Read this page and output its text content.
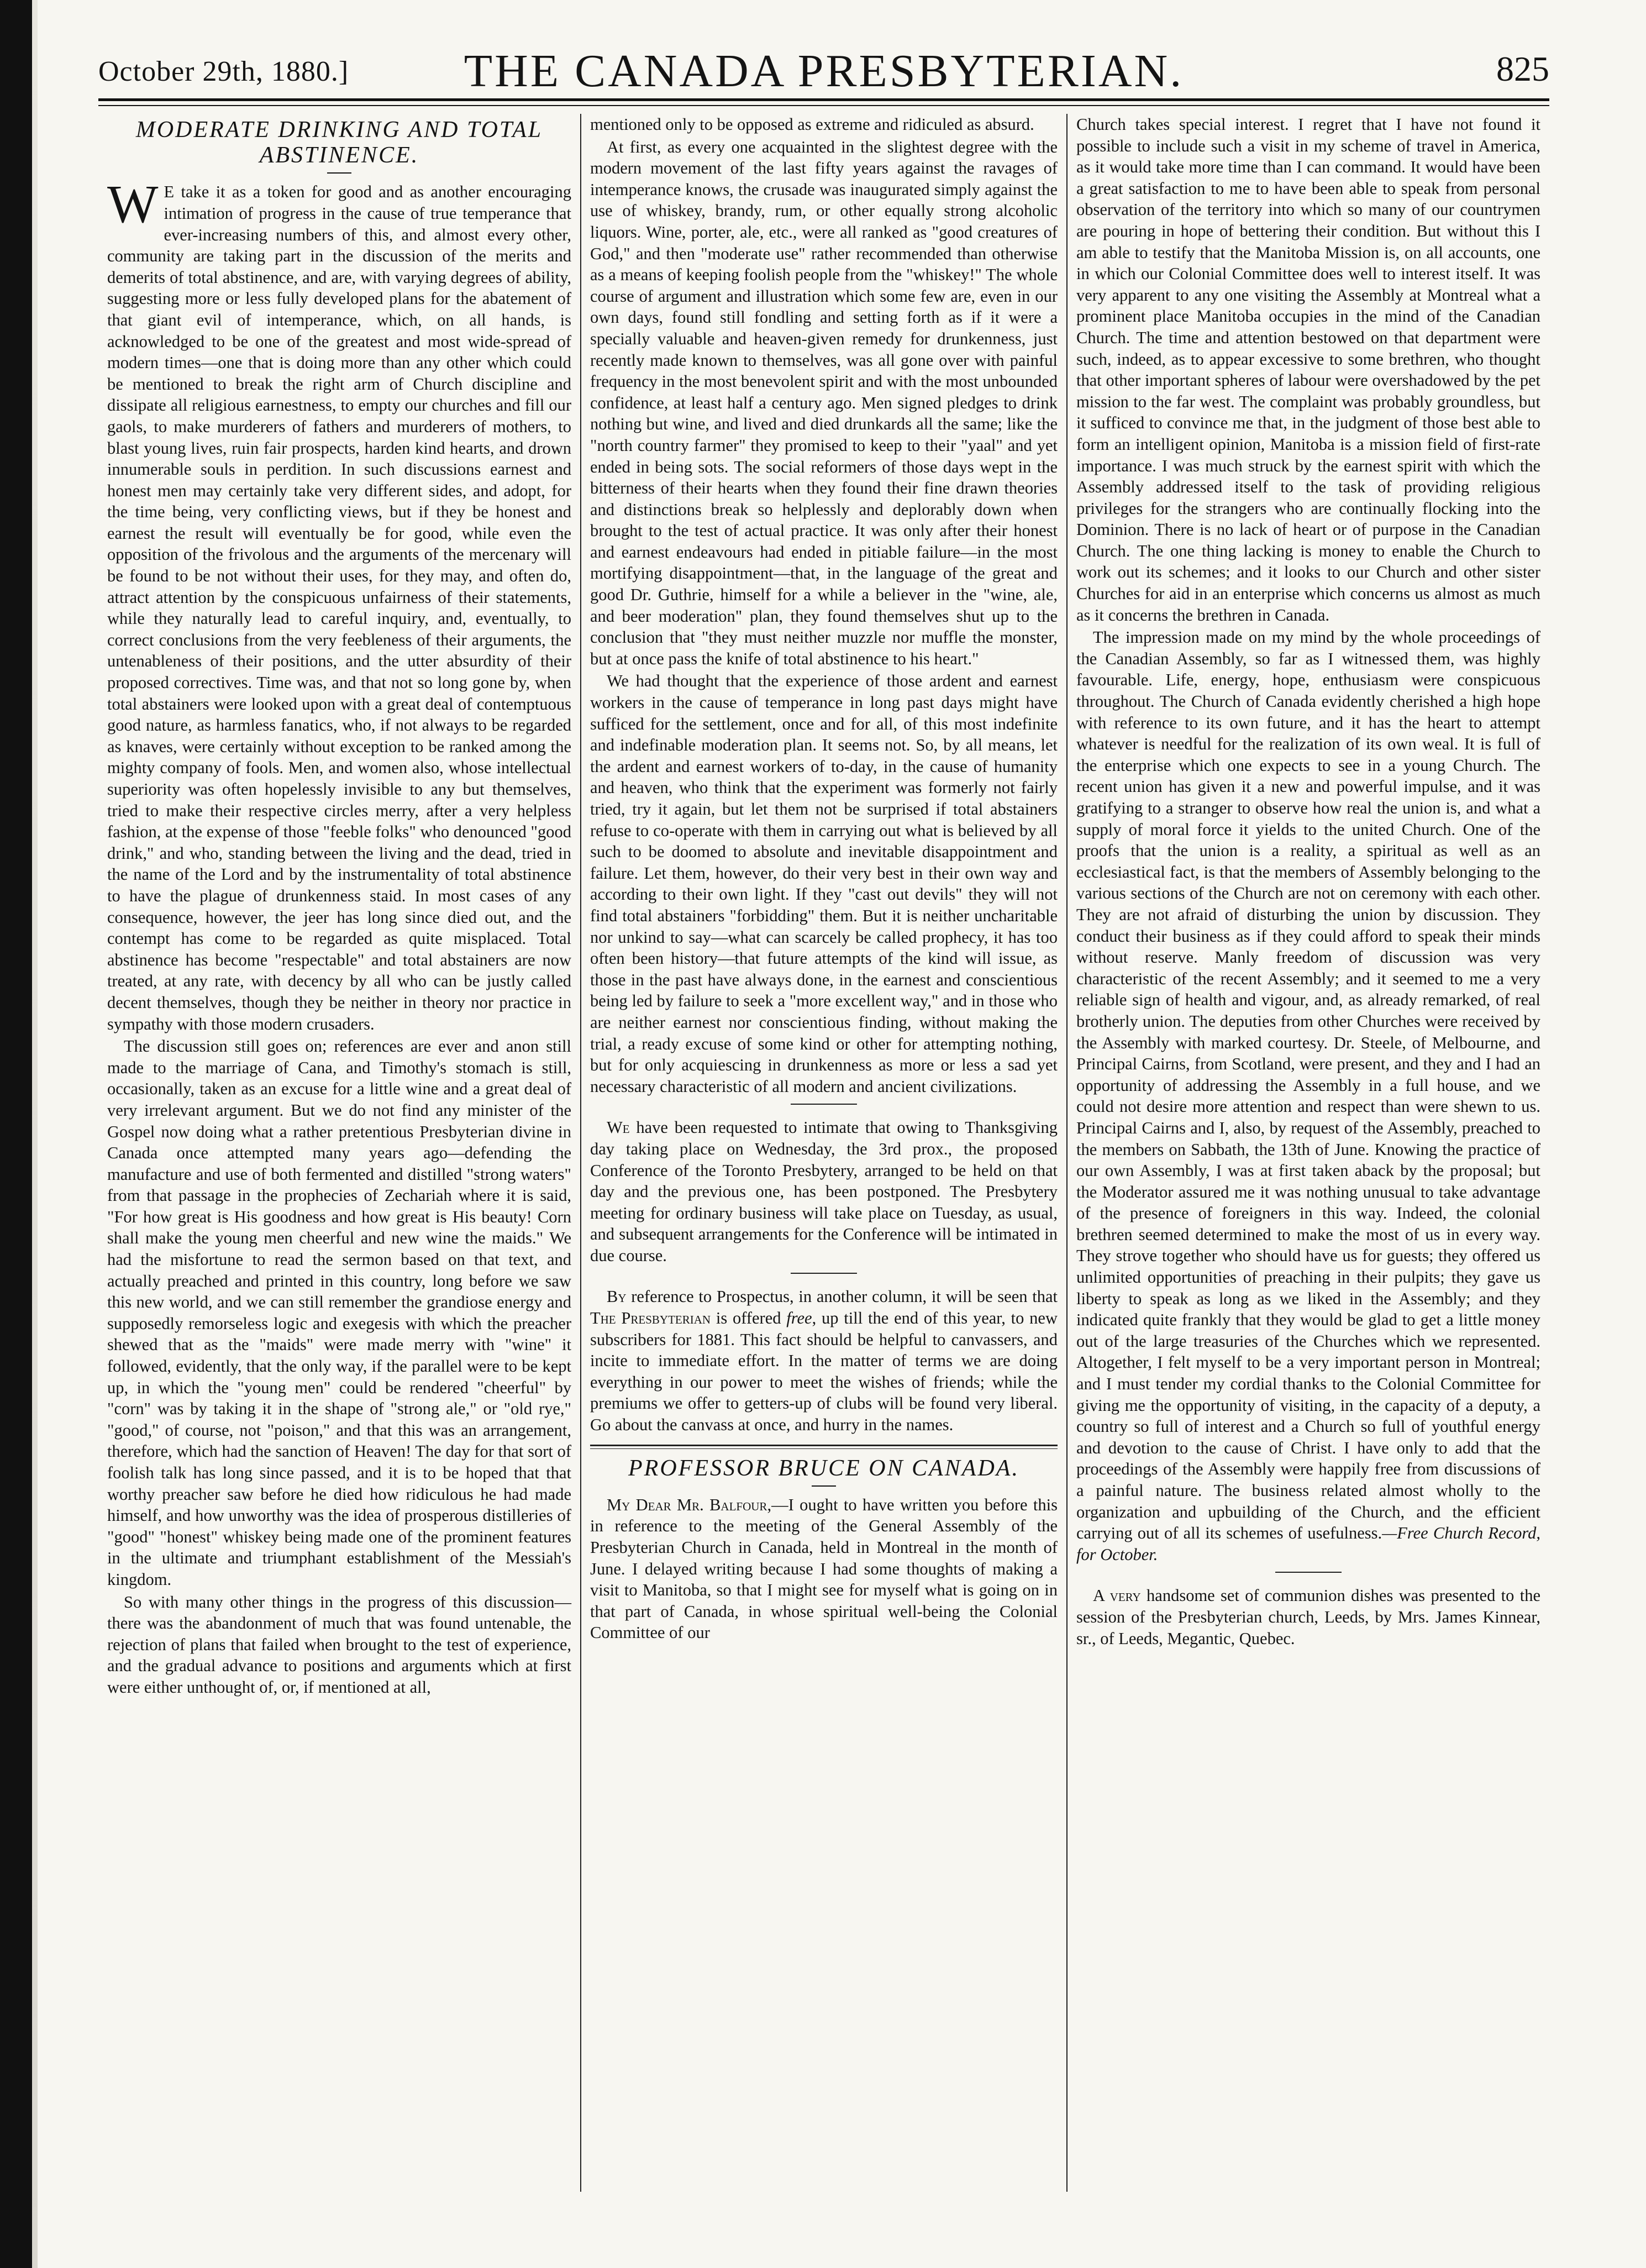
October 29th, 1880.]	THE CANADA PRESBYTERIAN.	825
MODERATE DRINKING AND TOTAL ABSTINENCE.

W E take it as a token for good and as another encouraging intimation of progress in the cause of true temperance that ever-increasing numbers of this, and almost every other, community are taking part in the discussion of the merits and demerits of total abstinence, and are, with varying degrees of ability, suggesting more or less fully developed plans for the abatement of that giant evil of intemperance, which, on all hands, is acknowledged to be one of the greatest and most wide-spread of modern times—one that is doing more than any other which could be mentioned to break the right arm of Church discipline and dissipate all religious earnestness, to empty our churches and fill our gaols, to make murderers of fathers and murderers of mothers, to blast young lives, ruin fair prospects, harden kind hearts, and drown innumerable souls in perdition. In such discussions earnest and honest men may certainly take very different sides, and adopt, for the time being, very conflicting views, but if they be honest and earnest the result will eventually be for good, while even the opposition of the frivolous and the arguments of the mercenary will be found to be not without their uses, for they may, and often do, attract attention by the conspicuous unfairness of their statements, while they naturally lead to careful inquiry, and, eventually, to correct conclusions from the very feebleness of their arguments, the untenableness of their positions, and the utter absurdity of their proposed correctives. Time was, and that not so long gone by, when total abstainers were looked upon with a great deal of contemptuous good nature, as harmless fanatics, who, if not always to be regarded as knaves, were certainly without exception to be ranked among the mighty company of fools. Men, and women also, whose intellectual superiority was often hopelessly invisible to any but themselves, tried to make their respective circles merry, after a very helpless fashion, at the expense of those "feeble folks" who denounced "good drink," and who, standing between the living and the dead, tried in the name of the Lord and by the instrumentality of total abstinence to have the plague of drunkenness staid. In most cases of any consequence, however, the jeer has long since died out, and the contempt has come to be regarded as quite misplaced. Total abstinence has become "respectable" and total abstainers are now treated, at any rate, with decency by all who can be justly called decent themselves, though they be neither in theory nor practice in sympathy with those modern crusaders.

The discussion still goes on; references are ever and anon still made to the marriage of Cana, and Timothy's stomach is still, occasionally, taken as an excuse for a little wine and a great deal of very irrelevant argument. But we do not find any minister of the Gospel now doing what a rather pretentious Presbyterian divine in Canada once attempted many years ago—defending the manufacture and use of both fermented and distilled "strong waters" from that passage in the prophecies of Zechariah where it is said, "For how great is His goodness and how great is His beauty! Corn shall make the young men cheerful and new wine the maids." We had the misfortune to read the sermon based on that text, and actually preached and printed in this country, long before we saw this new world, and we can still remember the grandiose energy and supposedly remorseless logic and exegesis with which the preacher shewed that as the "maids" were made merry with "wine" it followed, evidently, that the only way, if the parallel were to be kept up, in which the "young men" could be rendered "cheerful" by "corn" was by taking it in the shape of "strong ale," or "old rye," "good," of course, not "poison," and that this was an arrangement, therefore, which had the sanction of Heaven! The day for that sort of foolish talk has long since passed, and it is to be hoped that that worthy preacher saw before he died how ridiculous he had made himself, and how unworthy was the idea of prosperous distilleries of "good" "honest" whiskey being made one of the prominent features in the ultimate and triumphant establishment of the Messiah's kingdom.

So with many other things in the progress of this discussion—there was the abandonment of much that was found untenable, the rejection of plans that failed when brought to the test of experience, and the gradual advance to positions and arguments which at first were either unthought of, or, if mentioned at all,

mentioned only to be opposed as extreme and ridiculed as absurd.

At first, as every one acquainted in the slightest degree with the modern movement of the last fifty years against the ravages of intemperance knows, the crusade was inaugurated simply against the use of whiskey, brandy, rum, or other equally strong alcoholic liquors. Wine, porter, ale, etc., were all ranked as "good creatures of God," and then "moderate use" rather recommended than otherwise as a means of keeping foolish people from the "whiskey!" The whole course of argument and illustration which some few are, even in our own days, found still fondling and setting forth as if it were a specially valuable and heaven-given remedy for drunkenness, just recently made known to themselves, was all gone over with painful frequency in the most benevolent spirit and with the most unbounded confidence, at least half a century ago. Men signed pledges to drink nothing but wine, and lived and died drunkards all the same; like the "north country farmer" they promised to keep to their "yaal" and yet ended in being sots. The social reformers of those days wept in the bitterness of their hearts when they found their fine drawn theories and distinctions break so helplessly and deplorably down when brought to the test of actual practice. It was only after their honest and earnest endeavours had ended in pitiable failure—in the most mortifying disappointment—that, in the language of the great and good Dr. Guthrie, himself for a while a believer in the "wine, ale, and beer moderation" plan, they found themselves shut up to the conclusion that "they must neither muzzle nor muffle the monster, but at once pass the knife of total abstinence to his heart."

We had thought that the experience of those ardent and earnest workers in the cause of temperance in long past days might have sufficed for the settlement, once and for all, of this most indefinite and indefinable moderation plan. It seems not. So, by all means, let the ardent and earnest workers of to-day, in the cause of humanity and heaven, who think that the experiment was formerly not fairly tried, try it again, but let them not be surprised if total abstainers refuse to co-operate with them in carrying out what is believed by all such to be doomed to absolute and inevitable disappointment and failure. Let them, however, do their very best in their own way and according to their own light. If they "cast out devils" they will not find total abstainers "forbidding" them. But it is neither uncharitable nor unkind to say—what can scarcely be called prophecy, it has too often been history—that future attempts of the kind will issue, as those in the past have always done, in the earnest and conscientious being led by failure to seek a "more excellent way," and in those who are neither earnest nor conscientious finding, without making the trial, a ready excuse of some kind or other for attempting nothing, but for only acquiescing in drunkenness as more or less a sad yet necessary characteristic of all modern and ancient civilizations.

We have been requested to intimate that owing to Thanksgiving day taking place on Wednesday, the 3rd prox., the proposed Conference of the Toronto Presbytery, arranged to be held on that day and the previous one, has been postponed. The Presbytery meeting for ordinary business will take place on Tuesday, as usual, and subsequent arrangements for the Conference will be intimated in due course.

By reference to Prospectus, in another column, it will be seen that The Presbyterian is offered free, up till the end of this year, to new subscribers for 1881. This fact should be helpful to canvassers, and incite to immediate effort. In the matter of terms we are doing everything in our power to meet the wishes of friends; while the premiums we offer to getters-up of clubs will be found very liberal. Go about the canvass at once, and hurry in the names.

PROFESSOR BRUCE ON CANADA.

My Dear Mr. Balfour,—I ought to have written you before this in reference to the meeting of the General Assembly of the Presbyterian Church in Canada, held in Montreal in the month of June. I delayed writing because I had some thoughts of making a visit to Manitoba, so that I might see for myself what is going on in that part of Canada, in whose spiritual well-being the Colonial Committee of our

Church takes special interest. I regret that I have not found it possible to include such a visit in my scheme of travel in America, as it would take more time than I can command. It would have been a great satisfaction to me to have been able to speak from personal observation of the territory into which so many of our countrymen are pouring in hope of bettering their condition. But without this I am able to testify that the Manitoba Mission is, on all accounts, one in which our Colonial Committee does well to interest itself. It was very apparent to any one visiting the Assembly at Montreal what a prominent place Manitoba occupies in the mind of the Canadian Church. The time and attention bestowed on that department were such, indeed, as to appear excessive to some brethren, who thought that other important spheres of labour were overshadowed by the pet mission to the far west. The complaint was probably groundless, but it sufficed to convince me that, in the judgment of those best able to form an intelligent opinion, Manitoba is a mission field of first-rate importance. I was much struck by the earnest spirit with which the Assembly addressed itself to the task of providing religious privileges for the strangers who are continually flocking into the Dominion. There is no lack of heart or of purpose in the Canadian Church. The one thing lacking is money to enable the Church to work out its schemes; and it looks to our Church and other sister Churches for aid in an enterprise which concerns us almost as much as it concerns the brethren in Canada.

The impression made on my mind by the whole proceedings of the Canadian Assembly, so far as I witnessed them, was highly favourable. Life, energy, hope, enthusiasm were conspicuous throughout. The Church of Canada evidently cherished a high hope with reference to its own future, and it has the heart to attempt whatever is needful for the realization of its own weal. It is full of the enterprise which one expects to see in a young Church. The recent union has given it a new and powerful impulse, and it was gratifying to a stranger to observe how real the union is, and what a supply of moral force it yields to the united Church. One of the proofs that the union is a reality, a spiritual as well as an ecclesiastical fact, is that the members of Assembly belonging to the various sections of the Church are not on ceremony with each other. They are not afraid of disturbing the union by discussion. They conduct their business as if they could afford to speak their minds without reserve. Manly freedom of discussion was very characteristic of the recent Assembly; and it seemed to me a very reliable sign of health and vigour, and, as already remarked, of real brotherly union. The deputies from other Churches were received by the Assembly with marked courtesy. Dr. Steele, of Melbourne, and Principal Cairns, from Scotland, were present, and they and I had an opportunity of addressing the Assembly in a full house, and we could not desire more attention and respect than were shewn to us. Principal Cairns and I, also, by request of the Assembly, preached to the members on Sabbath, the 13th of June. Knowing the practice of our own Assembly, I was at first taken aback by the proposal; but the Moderator assured me it was nothing unusual to take advantage of the presence of foreigners in this way. Indeed, the colonial brethren seemed determined to make the most of us in every way. They strove together who should have us for guests; they offered us unlimited opportunities of preaching in their pulpits; they gave us liberty to speak as long as we liked in the Assembly; and they indicated quite frankly that they would be glad to get a little money out of the large treasuries of the Churches which we represented. Altogether, I felt myself to be a very important person in Montreal; and I must tender my cordial thanks to the Colonial Committee for giving me the opportunity of visiting, in the capacity of a deputy, a country so full of interest and a Church so full of youthful energy and devotion to the cause of Christ. I have only to add that the proceedings of the Assembly were happily free from discussions of a painful nature. The business related almost wholly to the organization and upbuilding of the Church, and the efficient carrying out of all its schemes of usefulness.—Free Church Record, for October.

A very handsome set of communion dishes was presented to the session of the Presbyterian church, Leeds, by Mrs. James Kinnear, sr., of Leeds, Megantic, Quebec.
